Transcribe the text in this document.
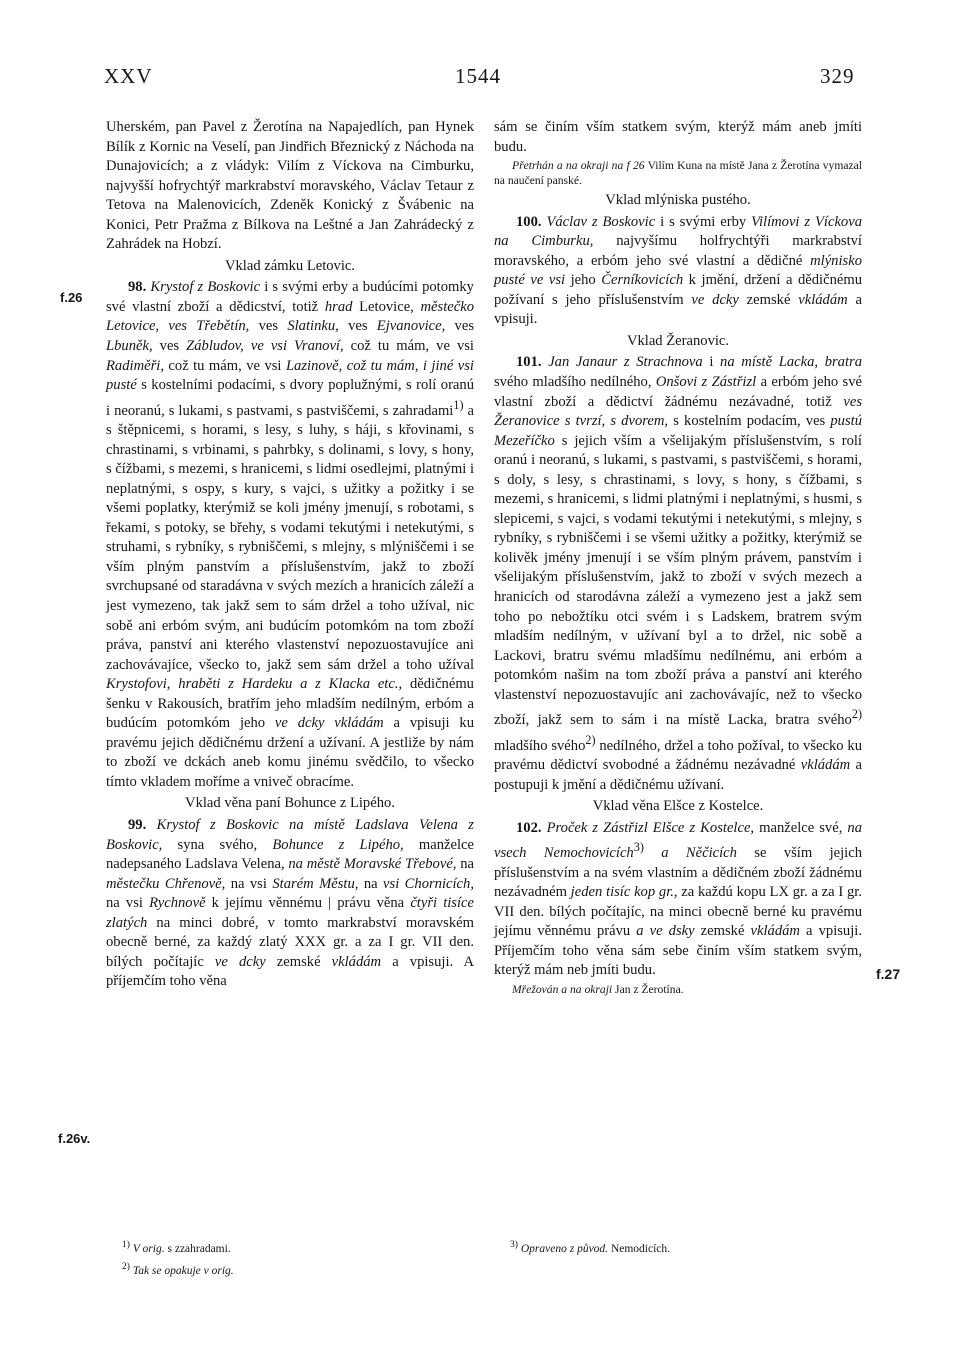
XXV	1544	329
f.26
f.26v.
f.27

Uherském, pan Pavel z Žerotína na Napajedlích, pan Hynek Bílík z Kornic na Veselí, pan Jindřich Březnický z Náchoda na Dunajovicích; a z vládyk: Vilím z Víckova na Cimburku, najvyšší hofrychtýř markrabství moravského, Václav Tetaur z Tetova na Malenovicích, Zdeněk Konický z Švábenic na Konici, Petr Pražma z Bílkova na Leštné a Jan Zahrádecký z Zahrádek na Hobzí.

Vklad zámku Letovic.

98. Krystof z Boskovic i s svými erby a budúcími potomky své vlastní zboží a dědicství, totiž hrad Letovice, městečko Letovice, ves Třebětín, ves Slatinku, ves Ejvanovice, ves Lbuněk, ves Zábludov, ve vsi Vranoví, což tu mám, ve vsi Radiměři, což tu mám, ve vsi Lazinově, což tu mám, i jiné vsi pusté s kostelními podacími, s dvory poplužnými, s rolí oranú i neoranú, s lukami, s pastvami, s pastviščemi, s zahradami$^{1)}$ a s štěpnicemi, s horami, s lesy, s luhy, s háji, s křovinami, s chrastinami, s vrbinami, s pahrbky, s dolinami, s lovy, s hony, s čížbami, s mezemi, s hranicemi, s lidmi osedlejmi, platnými i neplatnými, s ospy, s kury, s vajci, s užitky a požitky i se všemi poplatky, kterýmiž se koli jmény jmenují, s robotami, s řekami, s potoky, se břehy, s vodami tekutými i netekutými, s struhami, s rybníky, s rybniščemi, s mlejny, s mlýniščemi i se vším plným panstvím a příslušenstvím, jakž to zboží svrchupsané od staradávna v svých mezích a hranicích záleží a jest vymezeno, tak jakž sem to sám držel a toho užíval, nic sobě ani erbóm svým, ani budúcím potomkóm na tom zboží práva, panství ani kterého vlastenství nepozuostavujíce ani zachovávajíce, všecko to, jakž sem sám držel a toho užíval Krystofovi, hraběti z Hardeku a z Klacka etc., dědičnému šenku v Rakousích, bratřím jeho mladším nedílným, erbóm a budúcím potomkóm jeho ve dcky vkládám a vpisuji ku pravému jejich dědičnému držení a užívaní. A jestliže by nám to zboží ve dckách aneb komu jinému svědčilo, to všecko tímto vkladem moříme a vniveč obracíme.

Vklad věna paní Bohunce z Lipého.

99. Krystof z Boskovic na místě Ladslava Velena z Boskovic, syna svého, Bohunce z Lipého, manželce nadepsaného Ladslava Velena, na městě Moravské Třebové, na městečku Chřenově, na vsi Starém Městu, na vsi Chornicích, na vsi Rychnově k jejímu věnnému | právu věna čtyři tisíce zlatých na minci dobré, v tomto markrabství moravském obecně berné, za každý zlatý XXX gr. a za I gr. VII den. bílých počítajíc ve dcky zemské vkládám a vpisuji. A příjemčím toho věna

sám se činím vším statkem svým, kterýž mám aneb jmíti budu.

Přetrhán a na okraji na f 26 Vilím Kuna na místě Jana z Žerotína vymazal na naučení panské.

Vklad mlýniska pustého.

100. Václav z Boskovic i s svými erby Vilímovi z Víckova na Cimburku, najvyšímu holfrychtýři markrabství moravského, a erbóm jeho své vlastní a dědičné mlýnisko pusté ve vsi jeho Černíkovicích k jmění, držení a dědičnému požívaní s jeho příslušenstvím ve dcky zemské vkládám a vpisuji.

Vklad Žeranovic.

101. Jan Janaur z Strachnova i na místě Lacka, bratra svého mladšího nedílného, Onšovi z Zástřizl a erbóm jeho své vlastní zboží a dědictví žádnému nezávadné, totiž ves Žeranovice s tvrzí, s dvorem, s kostelním podacím, ves pustú Mezeříčko s jejich vším a všelijakým příslušenstvím, s rolí oranú i neoranú, s lukami, s pastvami, s pastviščemi, s horami, s doly, s lesy, s chrastinami, s lovy, s hony, s čížbami, s mezemi, s hranicemi, s lidmi platnými i neplatnými, s husmi, s slepicemi, s vajci, s vodami tekutými i netekutými, s mlejny, s rybníky, s rybniščemi i se všemi užitky a požitky, kterýmiž se kolivěk jmény jmenují i se vším plným právem, panstvím i všelijakým příslušenstvím, jakž to zboží v svých mezech a hranicích od starodávna záleží a vymezeno jest a jakž sem toho po nebožtíku otci svém i s Ladskem, bratrem svým mladším nedílným, v užívaní byl a to držel, nic sobě a Lackovi, bratru svému mladšímu nedílnému, ani erbóm a potomkóm našim na tom zboží práva a panství ani kterého vlastenství nepozuostavujíc ani zachovávajíc, než to všecko zboží, jakž sem to sám i na místě Lacka, bratra svého$^{2)}$ mladšího svého$^{2)}$ nedílného, držel a toho požíval, to všecko ku pravému dědictví svobodné a žádnému nezávadné vkládám a postupuji k jmění a dědičnému užívaní.

Vklad věna Elšce z Kostelce.

102. Proček z Zástřizl Elšce z Kostelce, manželce své, na vsech Nemochovicích$^{3)}$ a Něčicích se vším jejich příslušenstvím a na svém vlastním a dědičném zboží žádnému nezávadném jeden tisíc kop gr., za každú kopu LX gr. a za I gr. VII den. bílých počítajíc, na minci obecně berné ku pravému jejímu věnnému právu a ve dsky zemské vkládám a vpisuji. Příjemčím toho věna sám sebe činím vším statkem svým, kterýž mám neb jmíti budu.

Mřežován a na okraji Jan z Žerotína.

$^{1)}$ V orig. s zzahradami.
$^{2)}$ Tak se opakuje v orig.
$^{3)}$ Opraveno z původ. Nemodicích.
